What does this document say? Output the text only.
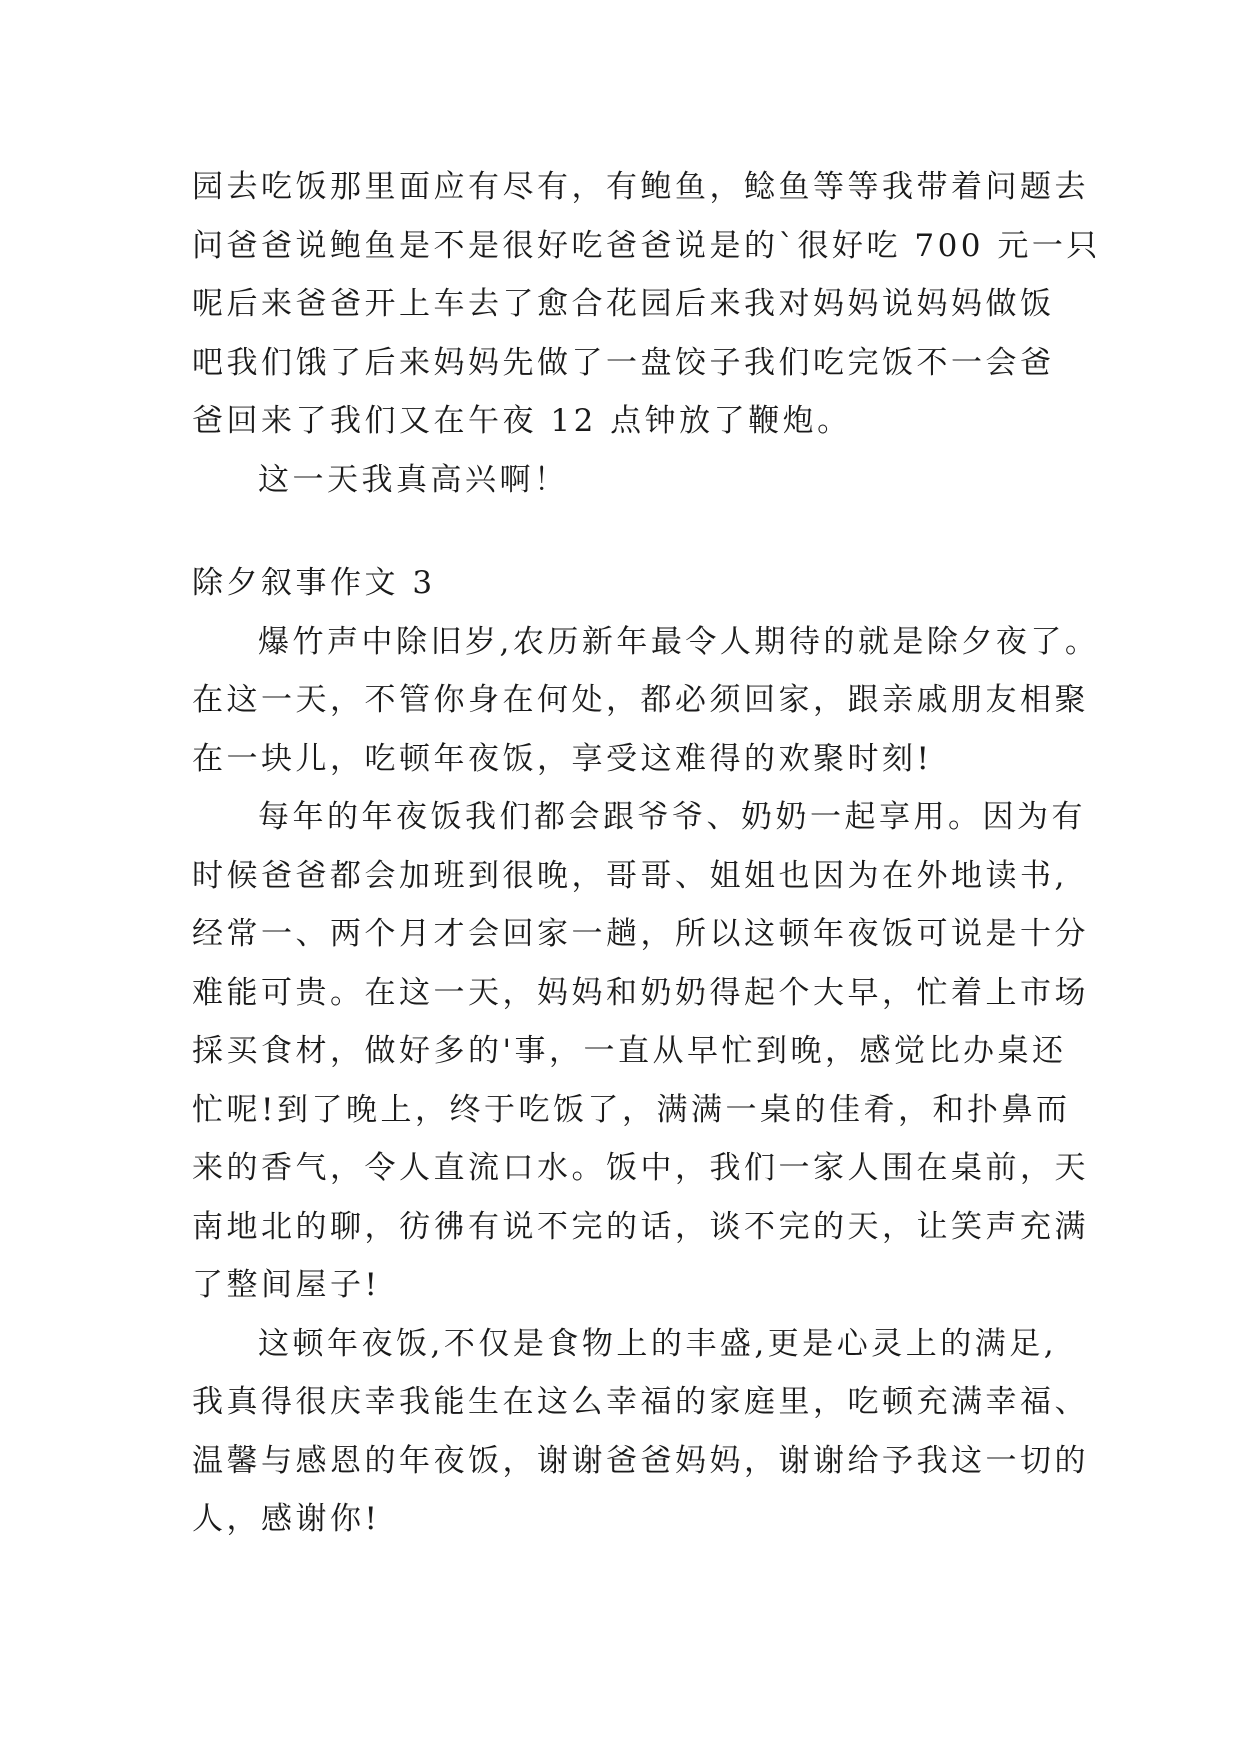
园去吃饭那里面应有尽有，有鲍鱼，鲶鱼等等我带着问题去
问爸爸说鲍鱼是不是很好吃爸爸说是的`很好吃 700 元一只
呢后来爸爸开上车去了愈合花园后来我对妈妈说妈妈做饭
吧我们饿了后来妈妈先做了一盘饺子我们吃完饭不一会爸
爸回来了我们又在午夜 12 点钟放了鞭炮。
这一天我真高兴啊！
除夕叙事作文 3
爆竹声中除旧岁,农历新年最令人期待的就是除夕夜了。
在这一天，不管你身在何处，都必须回家，跟亲戚朋友相聚
在一块儿，吃顿年夜饭，享受这难得的欢聚时刻!
每年的年夜饭我们都会跟爷爷、奶奶一起享用。因为有
时候爸爸都会加班到很晚，哥哥、姐姐也因为在外地读书,
经常一、两个月才会回家一趟，所以这顿年夜饭可说是十分
难能可贵。在这一天，妈妈和奶奶得起个大早，忙着上市场
採买食材，做好多的'事，一直从早忙到晚，感觉比办桌还
忙呢!到了晚上，终于吃饭了，满满一桌的佳肴，和扑鼻而
来的香气，令人直流口水。饭中，我们一家人围在桌前，天
南地北的聊，彷彿有说不完的话，谈不完的天，让笑声充满
了整间屋子!
这顿年夜饭,不仅是食物上的丰盛,更是心灵上的满足,
我真得很庆幸我能生在这么幸福的家庭里，吃顿充满幸福、
温馨与感恩的年夜饭，谢谢爸爸妈妈，谢谢给予我这一切的
人，感谢你!
